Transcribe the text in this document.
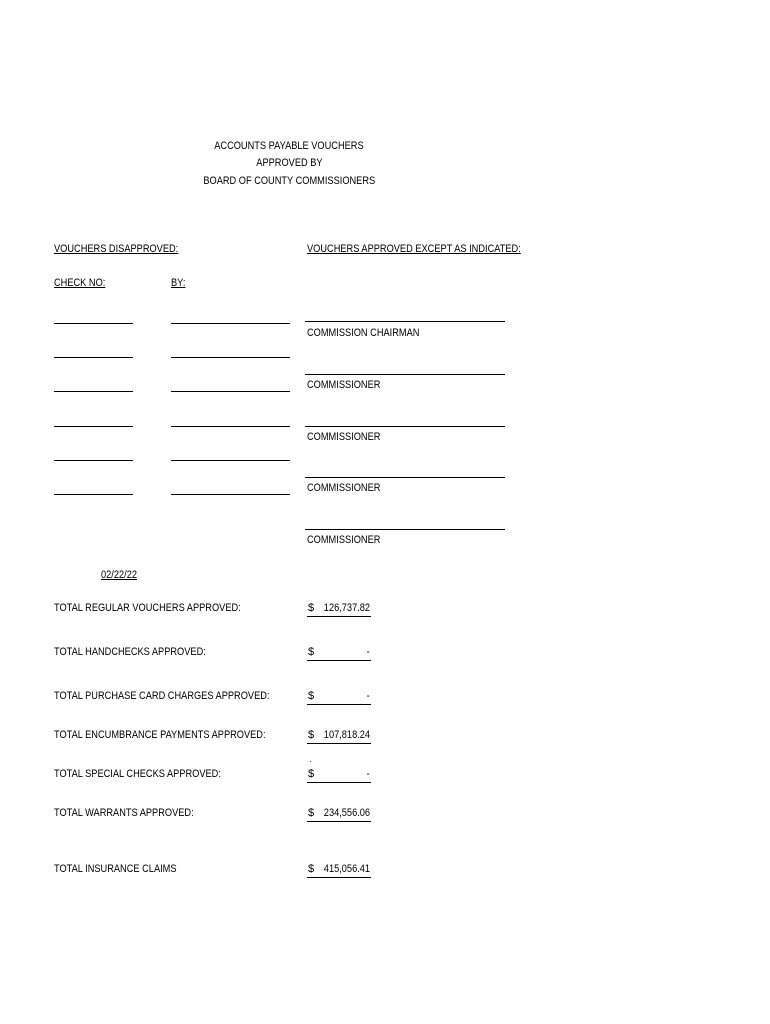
ACCOUNTS PAYABLE VOUCHERS
APPROVED BY
BOARD OF COUNTY COMMISSIONERS
VOUCHERS DISAPPROVED:	VOUCHERS APPROVED EXCEPT AS INDICATED:
CHECK NO:	BY:
COMMISSION CHAIRMAN
COMMISSIONER
COMMISSIONER
COMMISSIONER
COMMISSIONER
02/22/22
TOTAL REGULAR VOUCHERS APPROVED:	$ 126,737.82
TOTAL HANDCHECKS APPROVED:	$	-
TOTAL PURCHASE CARD CHARGES APPROVED:	$	-
TOTAL ENCUMBRANCE PAYMENTS APPROVED:	$ 107,818.24
TOTAL SPECIAL CHECKS APPROVED:	$	-
TOTAL WARRANTS APPROVED:	$ 234,556.06
TOTAL INSURANCE CLAIMS	$ 415,056.41
